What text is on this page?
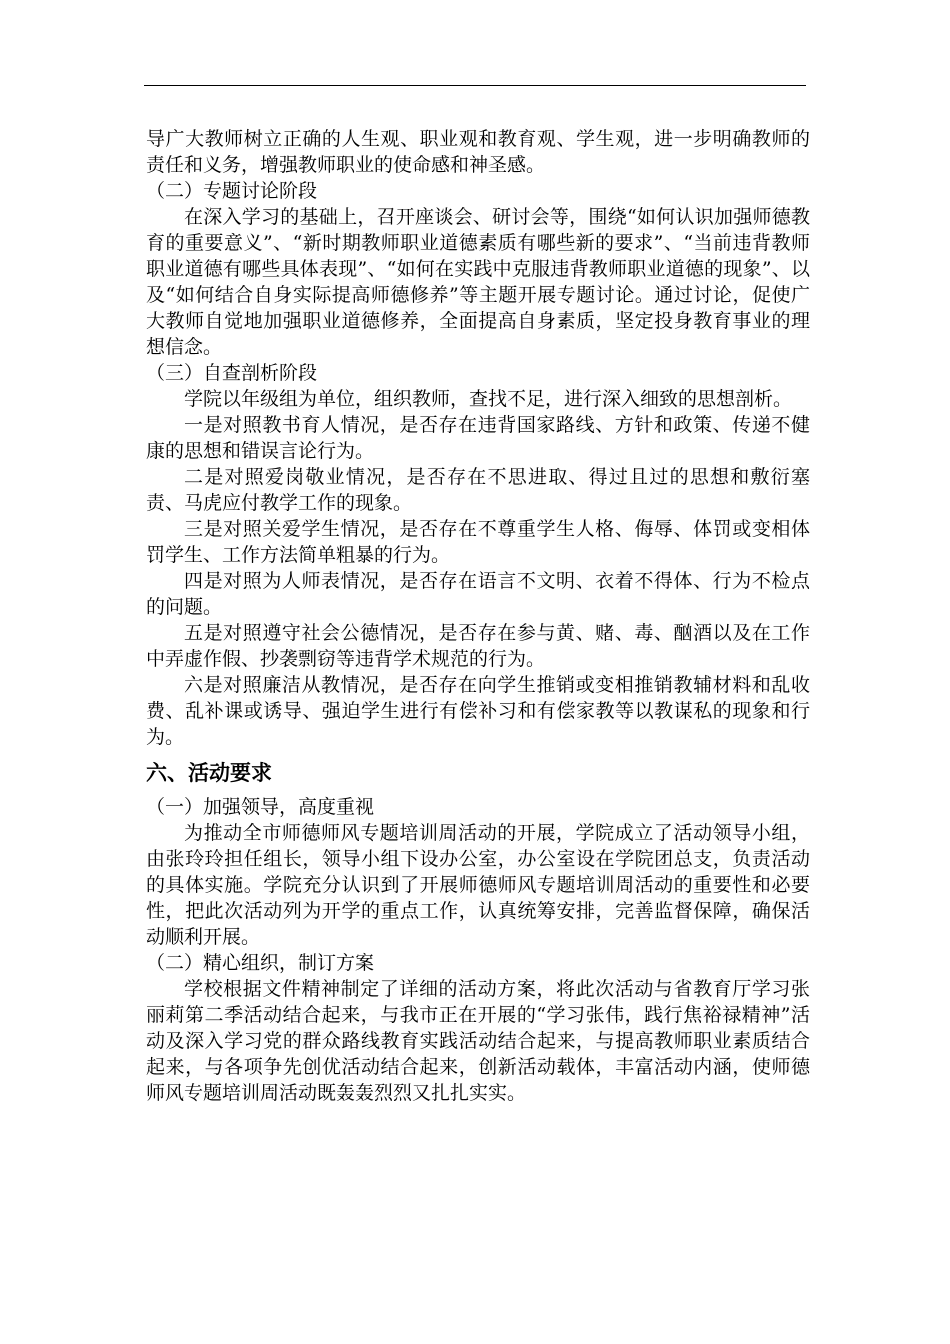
导广大教师树立正确的人生观、职业观和教育观、学生观，进一步明确教师的责任和义务，增强教师职业的使命感和神圣感。

（二）专题讨论阶段

在深入学习的基础上，召开座谈会、研讨会等，围绕“如何认识加强师德教育的重要意义”、“新时期教师职业道德素质有哪些新的要求”、“当前违背教师职业道德有哪些具体表现”、“如何在实践中克服违背教师职业道德的现象”、以及“如何结合自身实际提高师德修养”等主题开展专题讨论。通过讨论，促使广大教师自觉地加强职业道德修养，全面提高自身素质，坚定投身教育事业的理想信念。

（三）自查剖析阶段

学院以年级组为单位，组织教师，查找不足，进行深入细致的思想剖析。

一是对照教书育人情况，是否存在违背国家路线、方针和政策、传递不健康的思想和错误言论行为。

二是对照爱岗敬业情况，是否存在不思进取、得过且过的思想和敷衍塞责、马虎应付教学工作的现象。

三是对照关爱学生情况，是否存在不尊重学生人格、侮辱、体罚或变相体罚学生、工作方法简单粗暴的行为。

四是对照为人师表情况，是否存在语言不文明、衣着不得体、行为不检点的问题。

五是对照遵守社会公德情况，是否存在参与黄、赌、毒、酗酒以及在工作中弄虚作假、抄袭剽窃等违背学术规范的行为。

六是对照廉洁从教情况，是否存在向学生推销或变相推销教辅材料和乱收费、乱补课或诱导、强迫学生进行有偿补习和有偿家教等以教谋私的现象和行为。

六、活动要求

（一）加强领导，高度重视

为推动全市师德师风专题培训周活动的开展，学院成立了活动领导小组，由张玲玲担任组长，领导小组下设办公室，办公室设在学院团总支，负责活动的具体实施。学院充分认识到了开展师德师风专题培训周活动的重要性和必要性，把此次活动列为开学的重点工作，认真统筹安排，完善监督保障，确保活动顺利开展。

（二）精心组织，制订方案

学校根据文件精神制定了详细的活动方案，将此次活动与省教育厅学习张丽莉第二季活动结合起来，与我市正在开展的“学习张伟，践行焦裕禄精神”活动及深入学习党的群众路线教育实践活动结合起来，与提高教师职业素质结合起来，与各项争先创优活动结合起来，创新活动载体，丰富活动内涵，使师德师风专题培训周活动既轰轰烈烈又扎扎实实。
